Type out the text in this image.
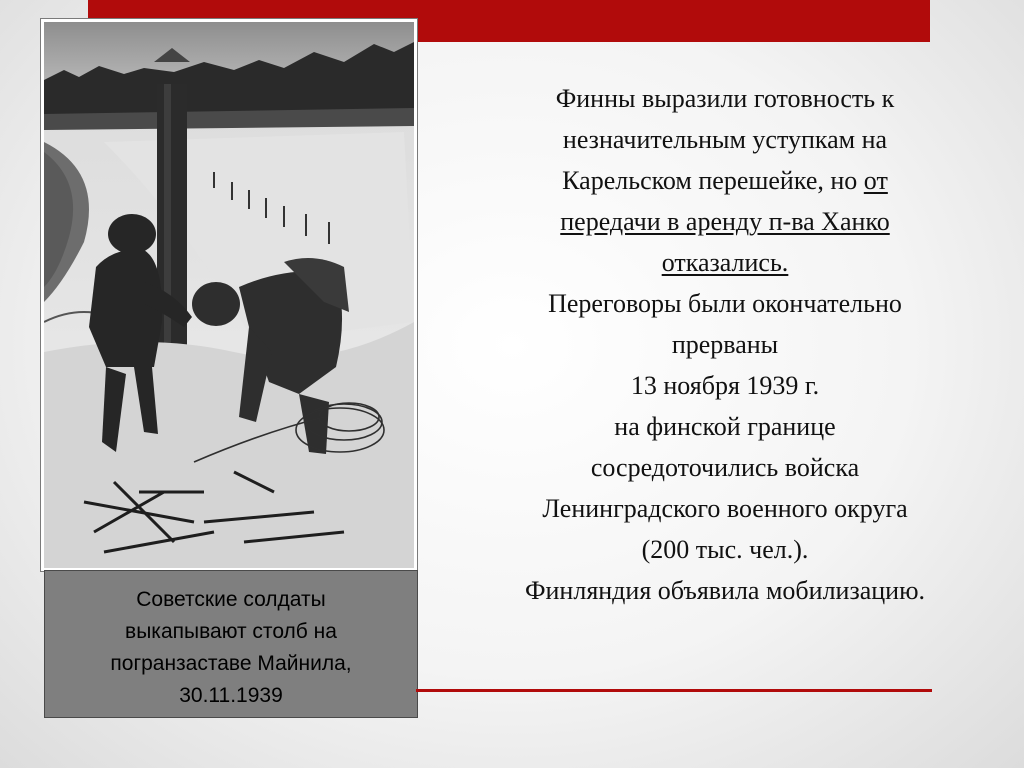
Советские солдаты
выкапывают столб на
погранзаставе Майнила,
30.11.1939
Финны выразили готовность к
незначительным уступкам на
Карельском перешейке, но от
передачи в аренду п-ва Ханко
отказались.
Переговоры были окончательно
прерваны
13 ноября 1939 г.
на финской границе
сосредоточились войска
Ленинградского военного округа
(200 тыс. чел.).
Финляндия объявила мобилизацию.
